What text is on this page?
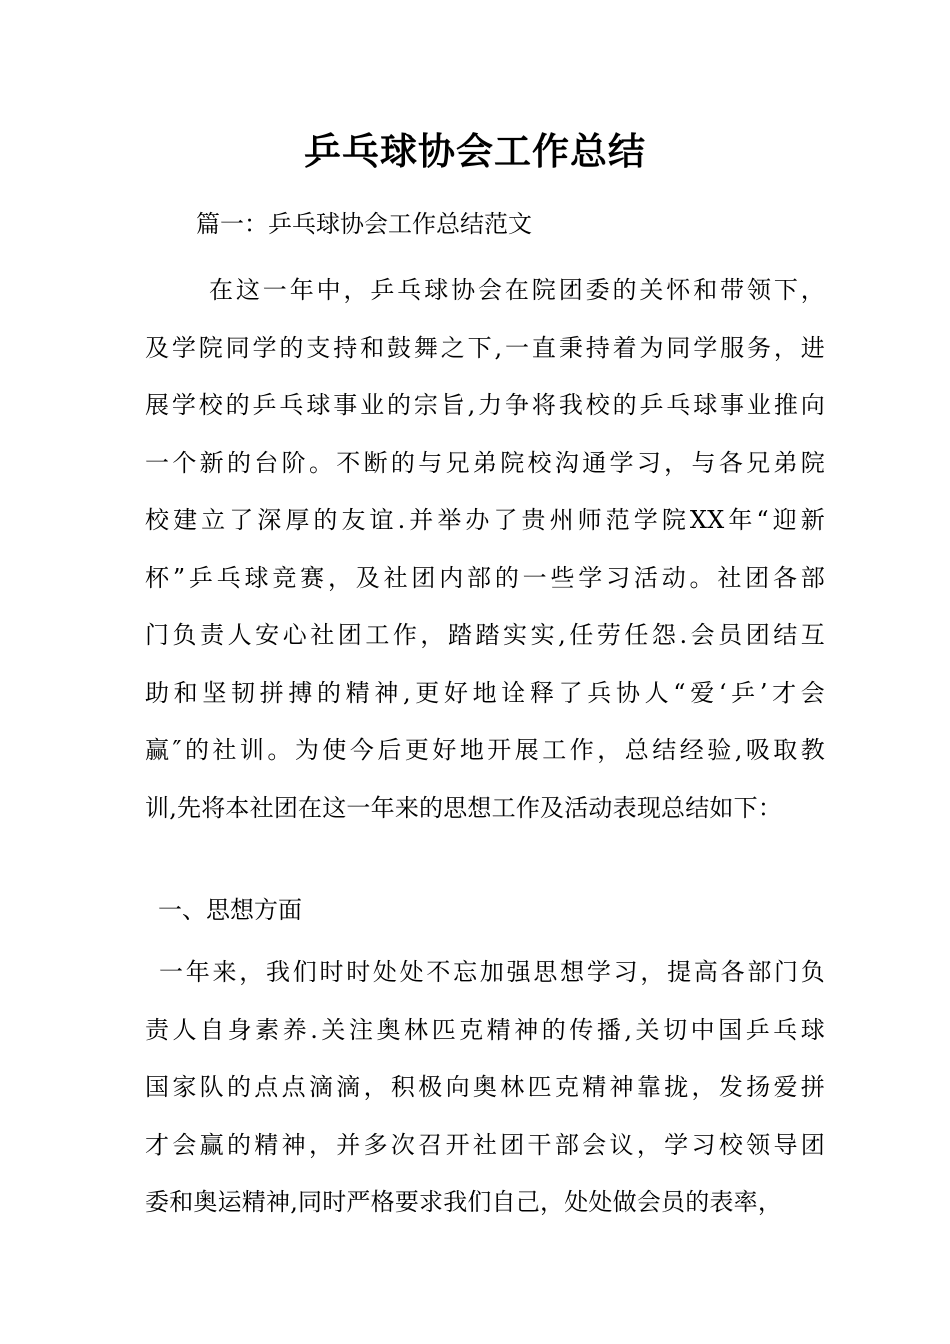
乒乓球协会工作总结

篇一：乒乓球协会工作总结范文

在这一年中，乒乓球协会在院团委的关怀和带领下，
及学院同学的支持和鼓舞之下,一直秉持着为同学服务，进
展学校的乒乓球事业的宗旨,力争将我校的乒乓球事业推向
一个新的台阶。不断的与兄弟院校沟通学习，与各兄弟院
校建立了深厚的友谊.并举办了贵州师范学院XX年“迎新
杯”乒乓球竞赛，及社团内部的一些学习活动。社团各部
门负责人安心社团工作，踏踏实实,任劳任怨.会员团结互
助和坚韧拼搏的精神,更好地诠释了兵协人“爱‘乒’才会
赢″的社训。为使今后更好地开展工作，总结经验,吸取教
训,先将本社团在这一年来的思想工作及活动表现总结如下：

一、思想方面

一年来，我们时时处处不忘加强思想学习，提高各部门负
责人自身素养.关注奥林匹克精神的传播,关切中国乒乓球
国家队的点点滴滴，积极向奥林匹克精神靠拢，发扬爱拼
才会赢的精神，并多次召开社团干部会议，学习校领导团
委和奥运精神,同时严格要求我们自己，处处做会员的表率，
